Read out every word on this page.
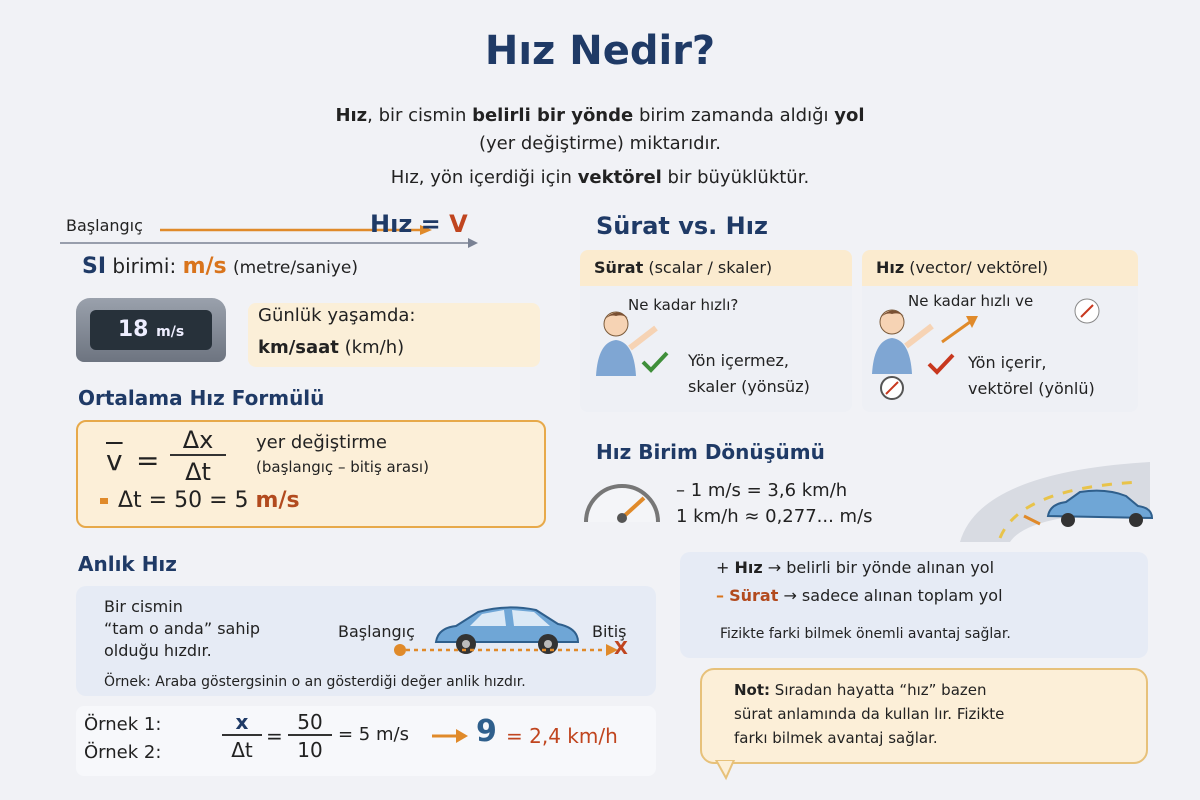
Hız Nedir?
Hız, bir cismin belirli bir yönde birim zamanda aldığı yol
(yer değiştirme) miktarıdır.
Hız, yön içerdiği için vektörel bir büyüklüktür.
Başlangıç	Hız = V
SI birimi: m/s (metre/saniye)
18 m/s
Günlük yaşamda:
km/saat (km/h)
Ortalama Hız Formülü
$\overline{v}$ =
Δx
Δt
yer değiştirme
(başlangıç – bitiş arası)
Δt = 50 = 5 m/s
Anlık Hız
Bir cismin
“tam o anda” sahip
olduğu hızdır.
Başlangıç	Bitiş
X
Örnek: Araba göstergsinin o an gösterdiği değer anlik hızdır.
Örnek 1:
Örnek 2:
x
Δt
=
50
10
= 5 m/s 9 = 2,4 km/h
Sürat vs. Hız
Sürat (scalar / skaler)
Ne kadar hızlı?
Yön içermez,
skaler (yönsüz)
Hız (vector/ vektörel)
Ne kadar hızlı ve
Yön içerir,
vektörel (yönlü)
Hız Birim Dönüşümü
– 1 m/s = 3,6 km/h
1 km/h ≈ 0,277... m/s
+ Hız → belirli bir yönde alınan yol
– Sürat → sadece alınan toplam yol
Fizikte farki bilmek önemli avantaj sağlar.
Not: Sıradan hayatta “hız” bazen
sürat anlamında da kullan lır. Fizikte
farkı bilmek avantaj sağlar.
